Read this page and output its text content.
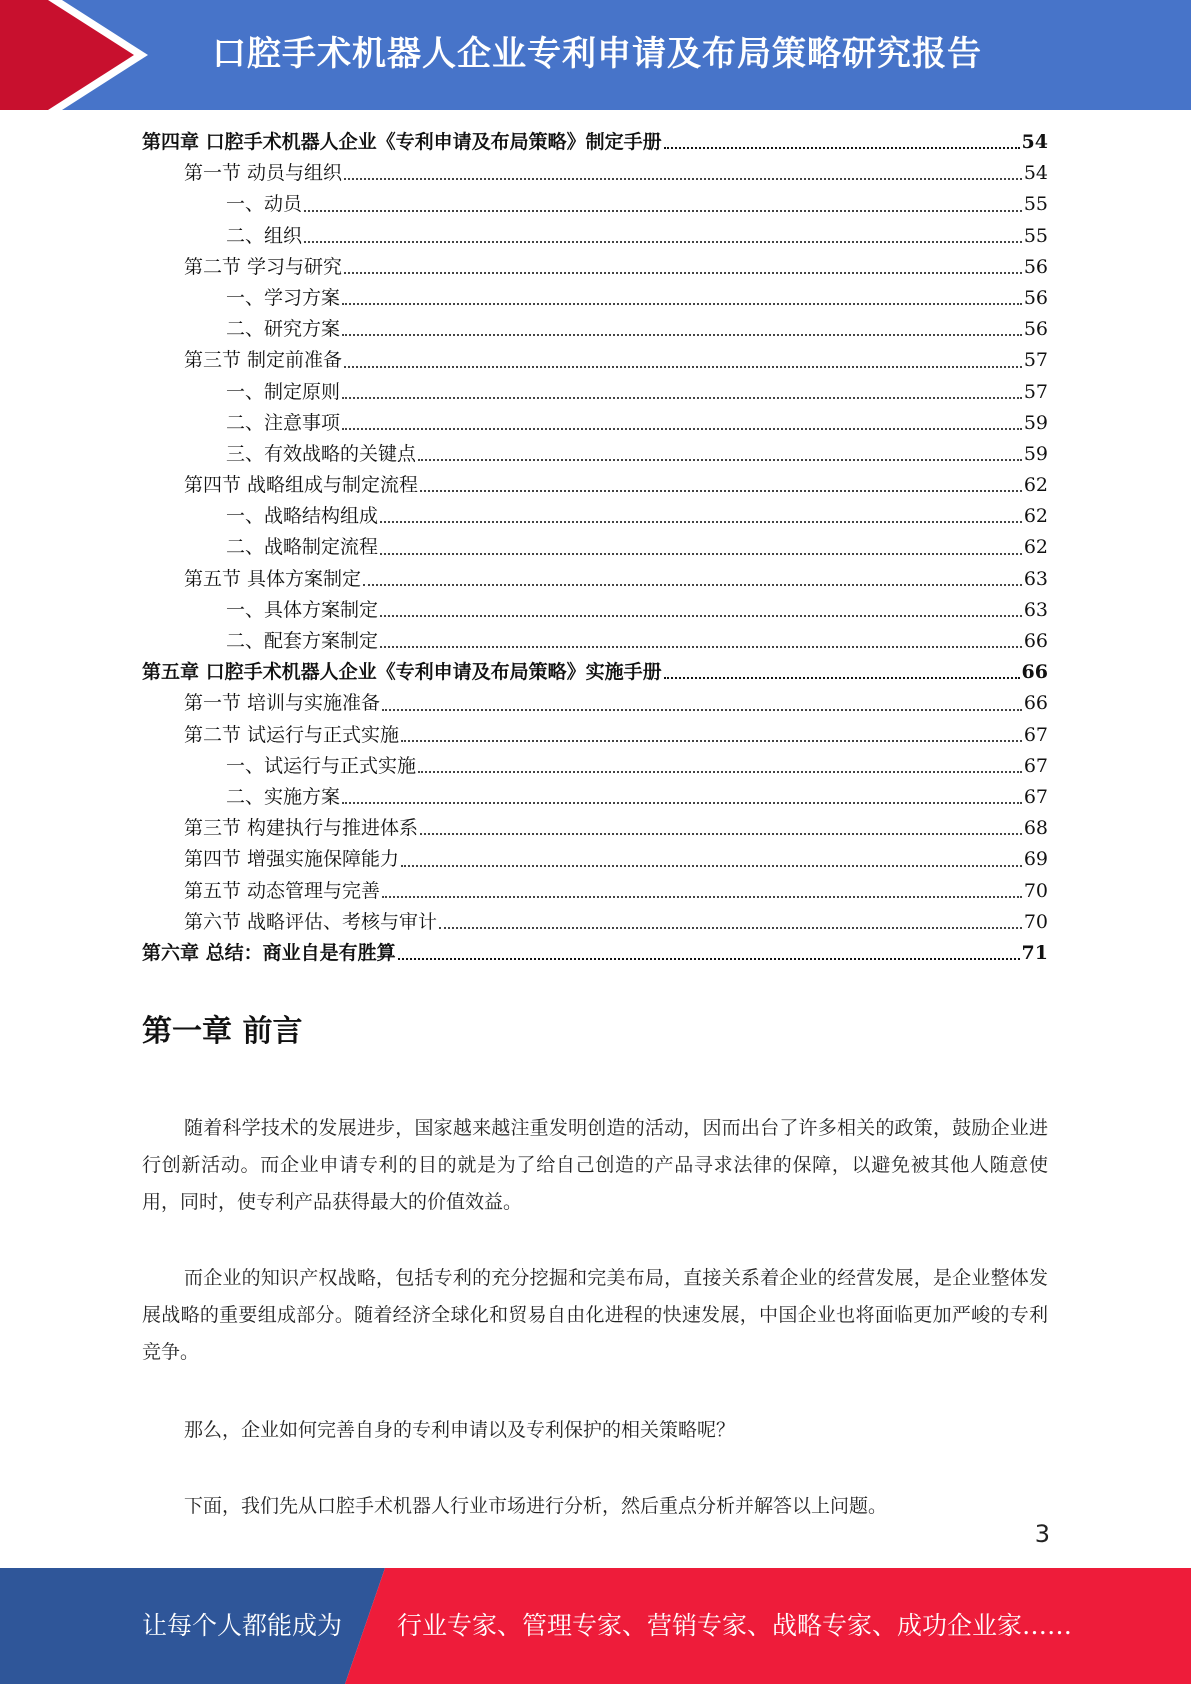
口腔手术机器人企业专利申请及布局策略研究报告
第四章 口腔手术机器人企业《专利申请及布局策略》制定手册	54
第一节 动员与组织	54
一、动员	55
二、组织	55
第二节 学习与研究	56
一、学习方案	56
二、研究方案	56
第三节 制定前准备	57
一、制定原则	57
二、注意事项	59
三、有效战略的关键点	59
第四节 战略组成与制定流程	62
一、战略结构组成	62
二、战略制定流程	62
第五节 具体方案制定	63
一、具体方案制定	63
二、配套方案制定	66
第五章 口腔手术机器人企业《专利申请及布局策略》实施手册	66
第一节 培训与实施准备	66
第二节 试运行与正式实施	67
一、试运行与正式实施	67
二、实施方案	67
第三节 构建执行与推进体系	68
第四节 增强实施保障能力	69
第五节 动态管理与完善	70
第六节 战略评估、考核与审计	70
第六章 总结：商业自是有胜算	71
第一章 前言

随着科学技术的发展进步，国家越来越注重发明创造的活动，因而出台了许多相关的政策，鼓励企业进行创新活动。而企业申请专利的目的就是为了给自己创造的产品寻求法律的保障，以避免被其他人随意使用，同时，使专利产品获得最大的价值效益。

而企业的知识产权战略，包括专利的充分挖掘和完美布局，直接关系着企业的经营发展，是企业整体发展战略的重要组成部分。随着经济全球化和贸易自由化进程的快速发展，中国企业也将面临更加严峻的专利竞争。

那么，企业如何完善自身的专利申请以及专利保护的相关策略呢？

下面，我们先从口腔手术机器人行业市场进行分析，然后重点分析并解答以上问题。

3
让每个人都能成为 行业专家、管理专家、营销专家、战略专家、成功企业家……
